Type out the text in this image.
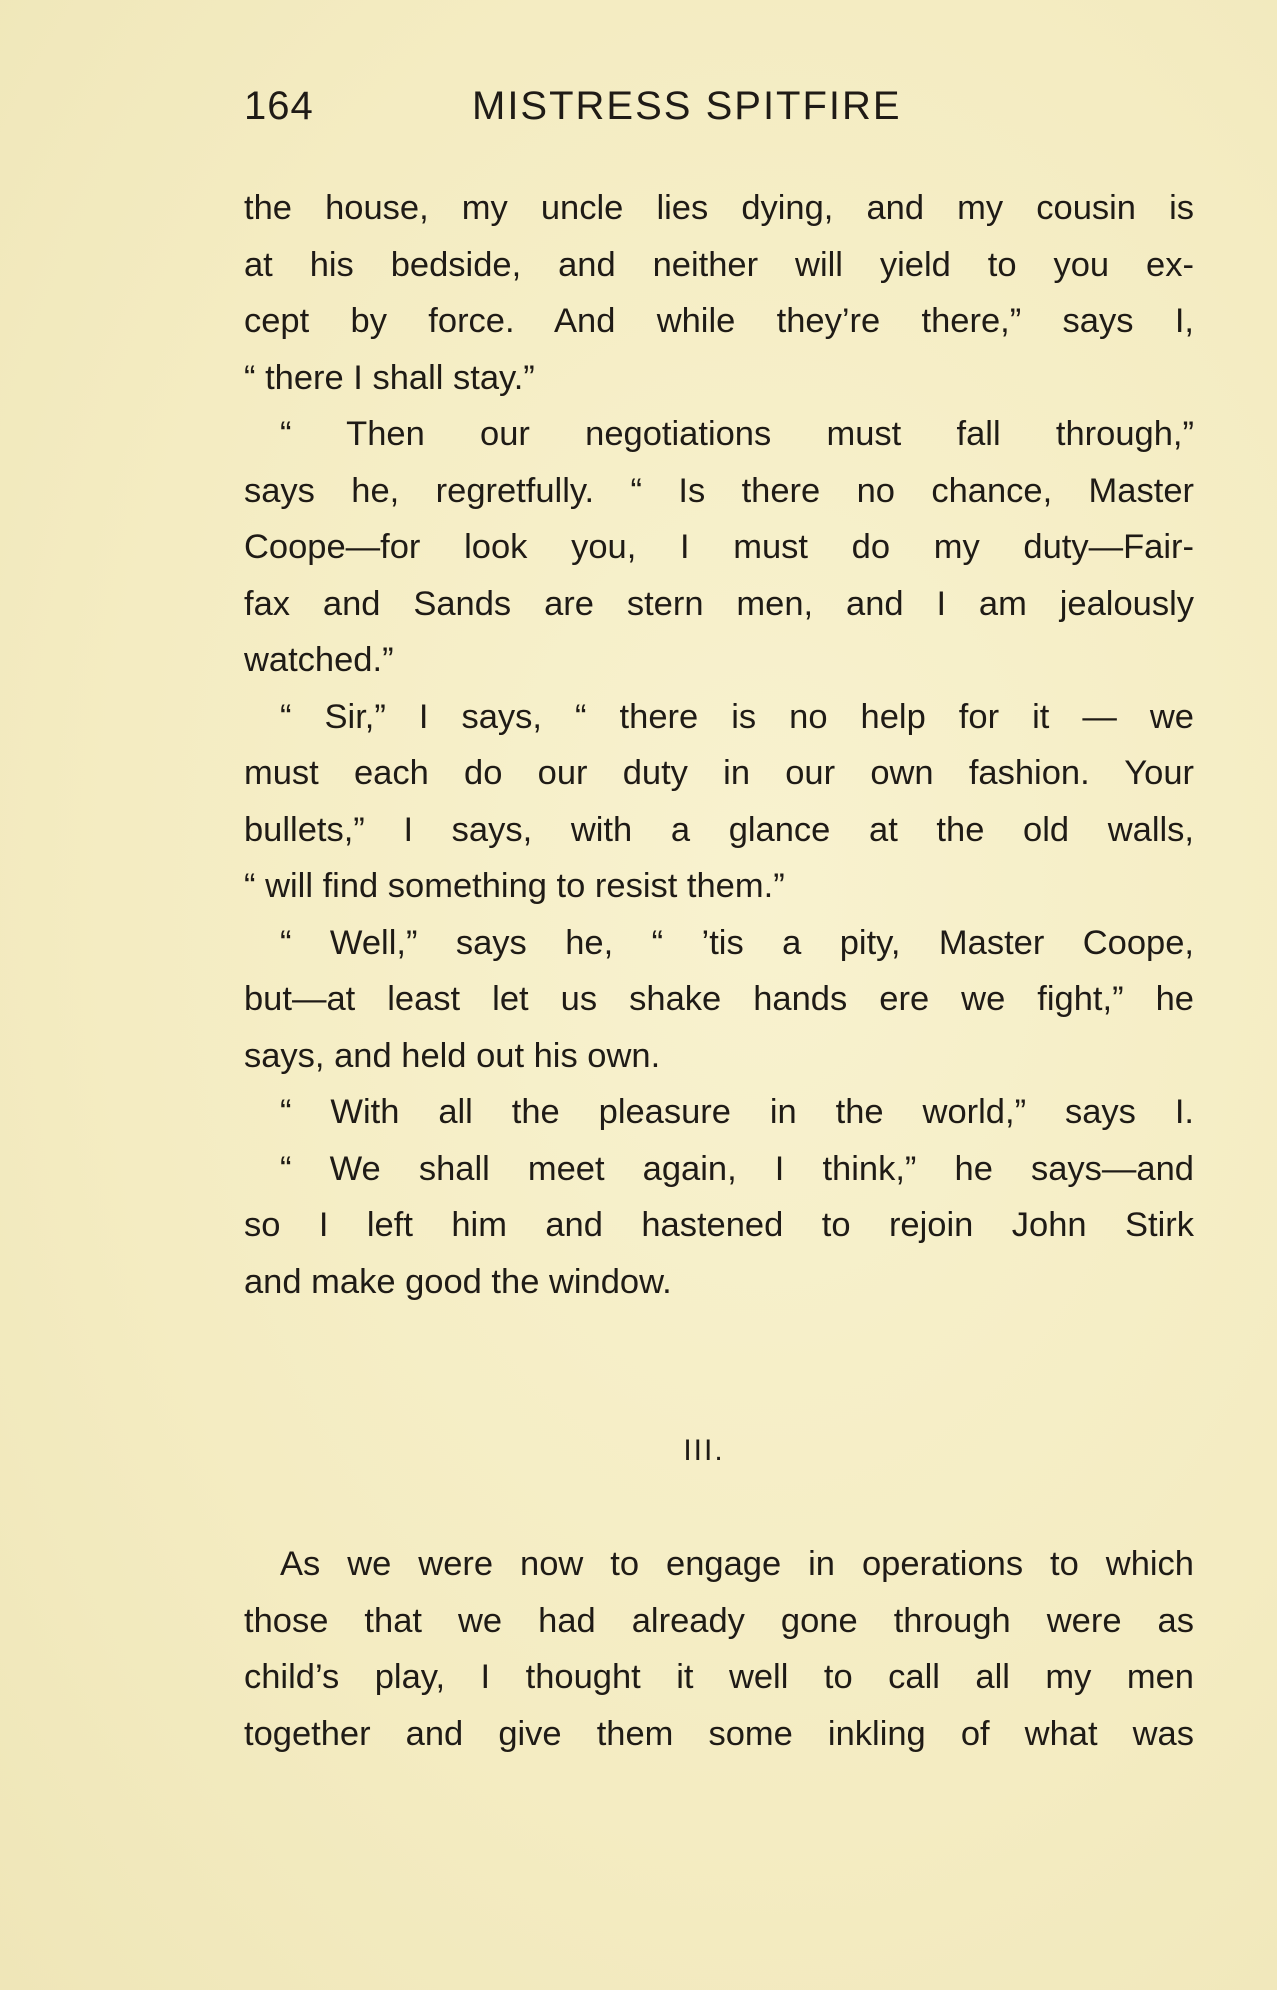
164	MISTRESS SPITFIRE
the house, my uncle lies dying, and my cousin is
at his bedside, and neither will yield to you ex-
cept by force. And while they’re there,” says I,
“ there I shall stay.”
“ Then our negotiations must fall through,”
says he, regretfully. “ Is there no chance, Master
Coope—for look you, I must do my duty—Fair-
fax and Sands are stern men, and I am jealously
watched.”
“ Sir,” I says, “ there is no help for it — we
must each do our duty in our own fashion. Your
bullets,” I says, with a glance at the old walls,
“ will find something to resist them.”
“ Well,” says he, “ ’tis a pity, Master Coope,
but—at least let us shake hands ere we fight,” he
says, and held out his own.
“ With all the pleasure in the world,” says I.
“ We shall meet again, I think,” he says—and
so I left him and hastened to rejoin John Stirk
and make good the window.
III.
As we were now to engage in operations to which
those that we had already gone through were as
child’s play, I thought it well to call all my men
together and give them some inkling of what was
